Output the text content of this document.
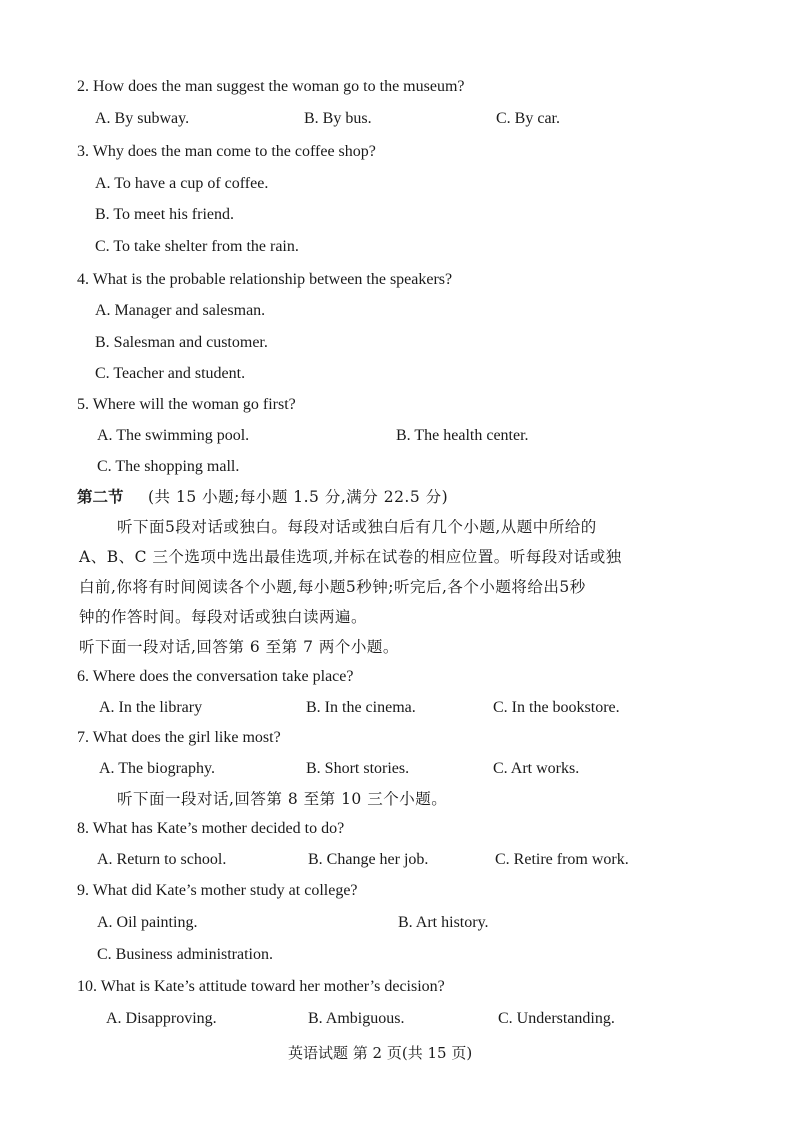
2. How does the man suggest the woman go to the museum?
A. By subway.	B. By bus.	C. By car.
3. Why does the man come to the coffee shop?
A. To have a cup of coffee.
B. To meet his friend.
C. To take shelter from the rain.
4. What is the probable relationship between the speakers?
A. Manager and salesman.
B. Salesman and customer.
C. Teacher and student.
5. Where will the woman go first?
A. The swimming pool.	B. The health center.
C. The shopping mall.
第二节 (共 15 小题;每小题 1.5 分,满分 22.5 分)
听下面5段对话或独白。每段对话或独白后有几个小题,从题中所给的
A、B、C 三个选项中选出最佳选项,并标在试卷的相应位置。听每段对话或独
白前,你将有时间阅读各个小题,每小题5秒钟;听完后,各个小题将给出5秒
钟的作答时间。每段对话或独白读两遍。
听下面一段对话,回答第 6 至第 7 两个小题。
6. Where does the conversation take place?
A. In the library	B. In the cinema.	C. In the bookstore.
7. What does the girl like most?
A. The biography.	B. Short stories.	C. Art works.
听下面一段对话,回答第 8 至第 10 三个小题。
8. What has Kate’s mother decided to do?
A. Return to school.	B. Change her job.	C. Retire from work.
9. What did Kate’s mother study at college?
A. Oil painting.	B. Art history.
C. Business administration.
10. What is Kate’s attitude toward her mother’s decision?
A. Disapproving.	B. Ambiguous.	C. Understanding.
英语试题 第 2 页(共 15 页)
